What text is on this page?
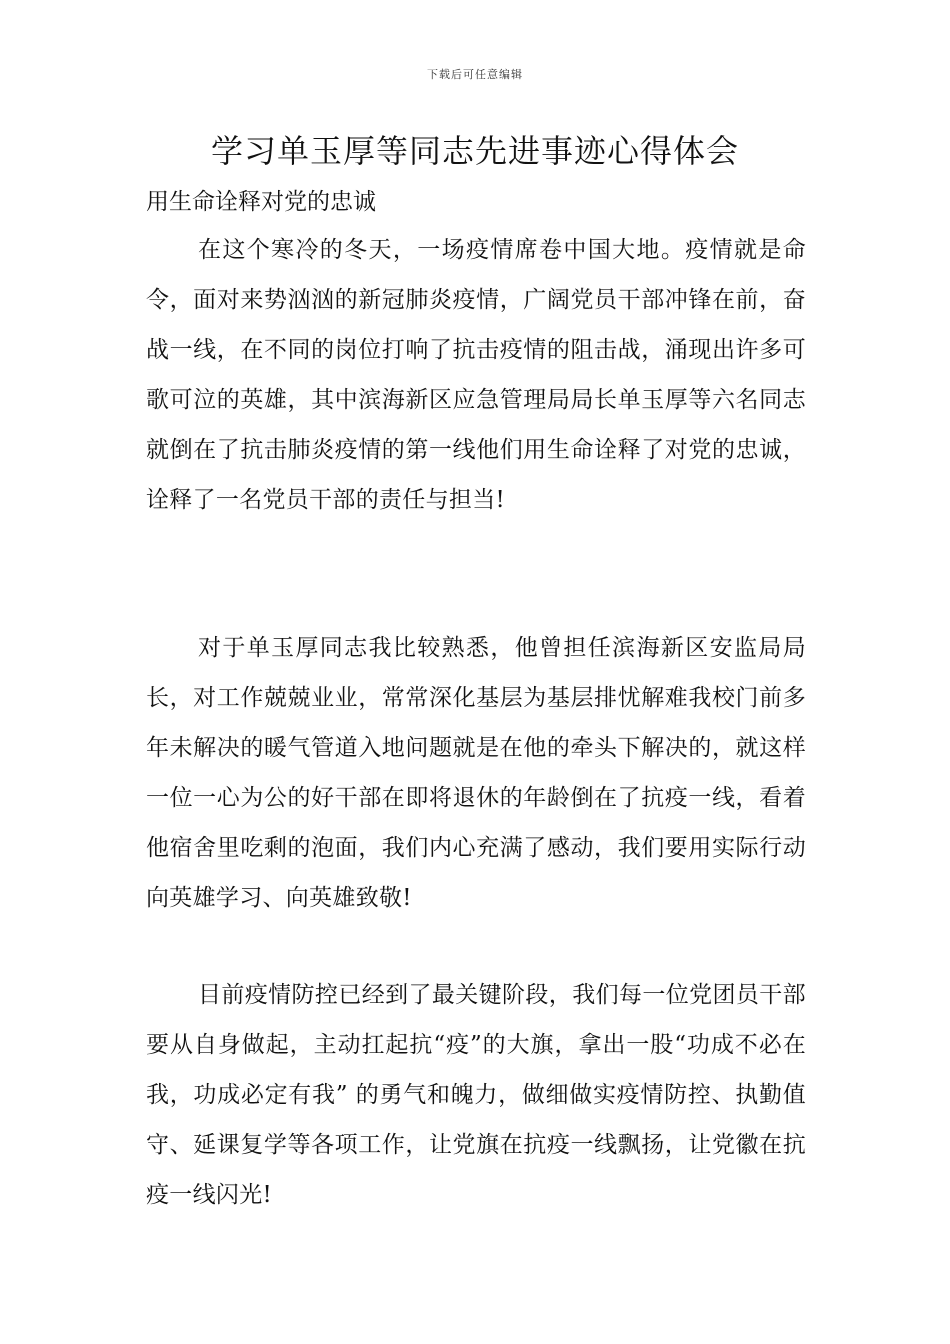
下载后可任意编辑
学习单玉厚等同志先进事迹心得体会

用生命诠释对党的忠诚

在这个寒冷的冬天，一场疫情席卷中国大地。疫情就是命令，面对来势汹汹的新冠肺炎疫情，广阔党员干部冲锋在前，奋战一线，在不同的岗位打响了抗击疫情的阻击战，涌现出许多可歌可泣的英雄，其中滨海新区应急管理局局长单玉厚等六名同志就倒在了抗击肺炎疫情的第一线他们用生命诠释了对党的忠诚，诠释了一名党员干部的责任与担当!

对于单玉厚同志我比较熟悉，他曾担任滨海新区安监局局长，对工作兢兢业业，常常深化基层为基层排忧解难我校门前多年未解决的暖气管道入地问题就是在他的牵头下解决的，就这样一位一心为公的好干部在即将退休的年龄倒在了抗疫一线，看着他宿舍里吃剩的泡面，我们内心充满了感动，我们要用实际行动向英雄学习、向英雄致敬!

目前疫情防控已经到了最关键阶段，我们每一位党团员干部要从自身做起，主动扛起抗“疫”的大旗，拿出一股“功成不必在我，功成必定有我” 的勇气和魄力，做细做实疫情防控、执勤值守、延课复学等各项工作，让党旗在抗疫一线飘扬，让党徽在抗疫一线闪光!
